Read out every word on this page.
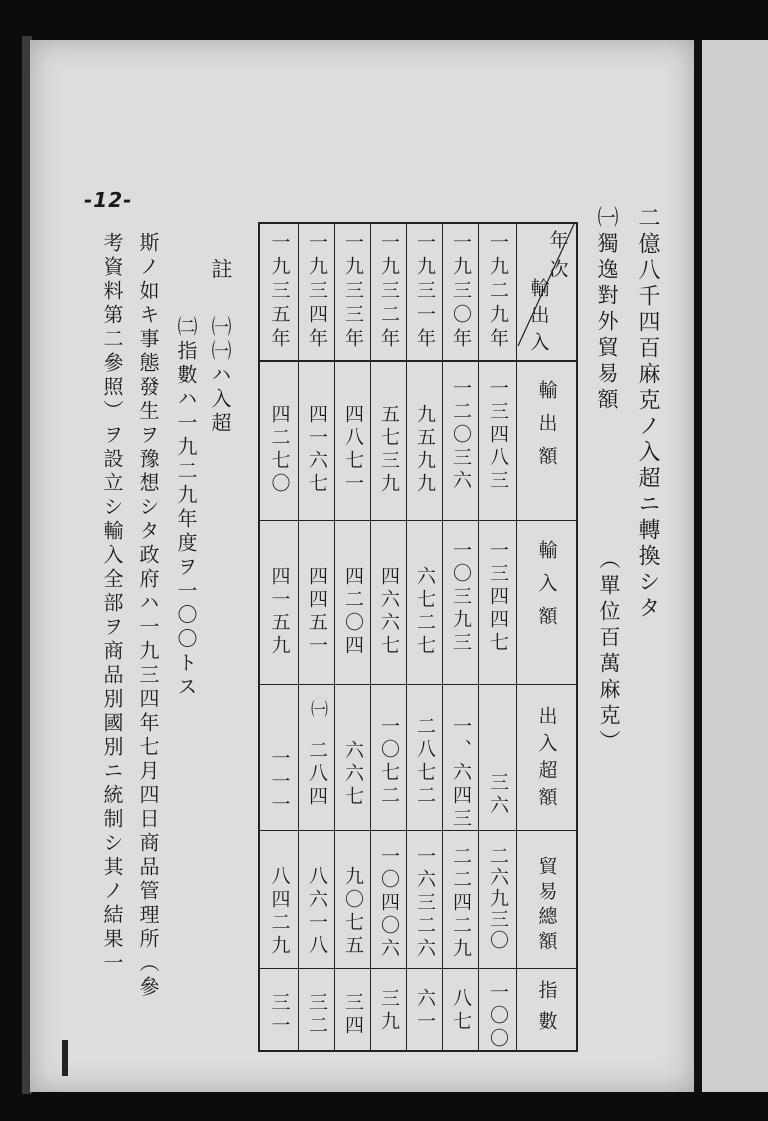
-12-
二億八千四百麻克ノ入超ニ轉換シタ
㈠獨逸對外貿易額
（單位百萬麻克）
年次
輸出入
輸出額
輸入額
出入超額
貿易總額
指數
一九二九年
一三四八三
一三四四七
三六
二六九三〇
一〇〇
一九三〇年
一二〇三六
一〇三九三
一、六四三
二二四二九
八七
一九三一年
九五九九
六七二七
二八七二
一六三二六
六一
一九三二年
五七三九
四六六七
一〇七二
一〇四〇六
三九
一九三三年
四八七一
四二〇四
六六七
九〇七五
三四
一九三四年
四一六七
四四五一
㈠
二八四
八六一八
三二
一九三五年
四二七〇
四一五九
一一一
八四二九
三一
註
㈠㈠ハ入超
㈡指數ハ一九二九年度ヲ一〇〇トス
斯ノ如キ事態發生ヲ豫想シタ政府ハ一九三四年七月四日商品管理所（參
考資料第二參照）ヲ設立シ輸入全部ヲ商品別國別ニ統制シ其ノ結果一
